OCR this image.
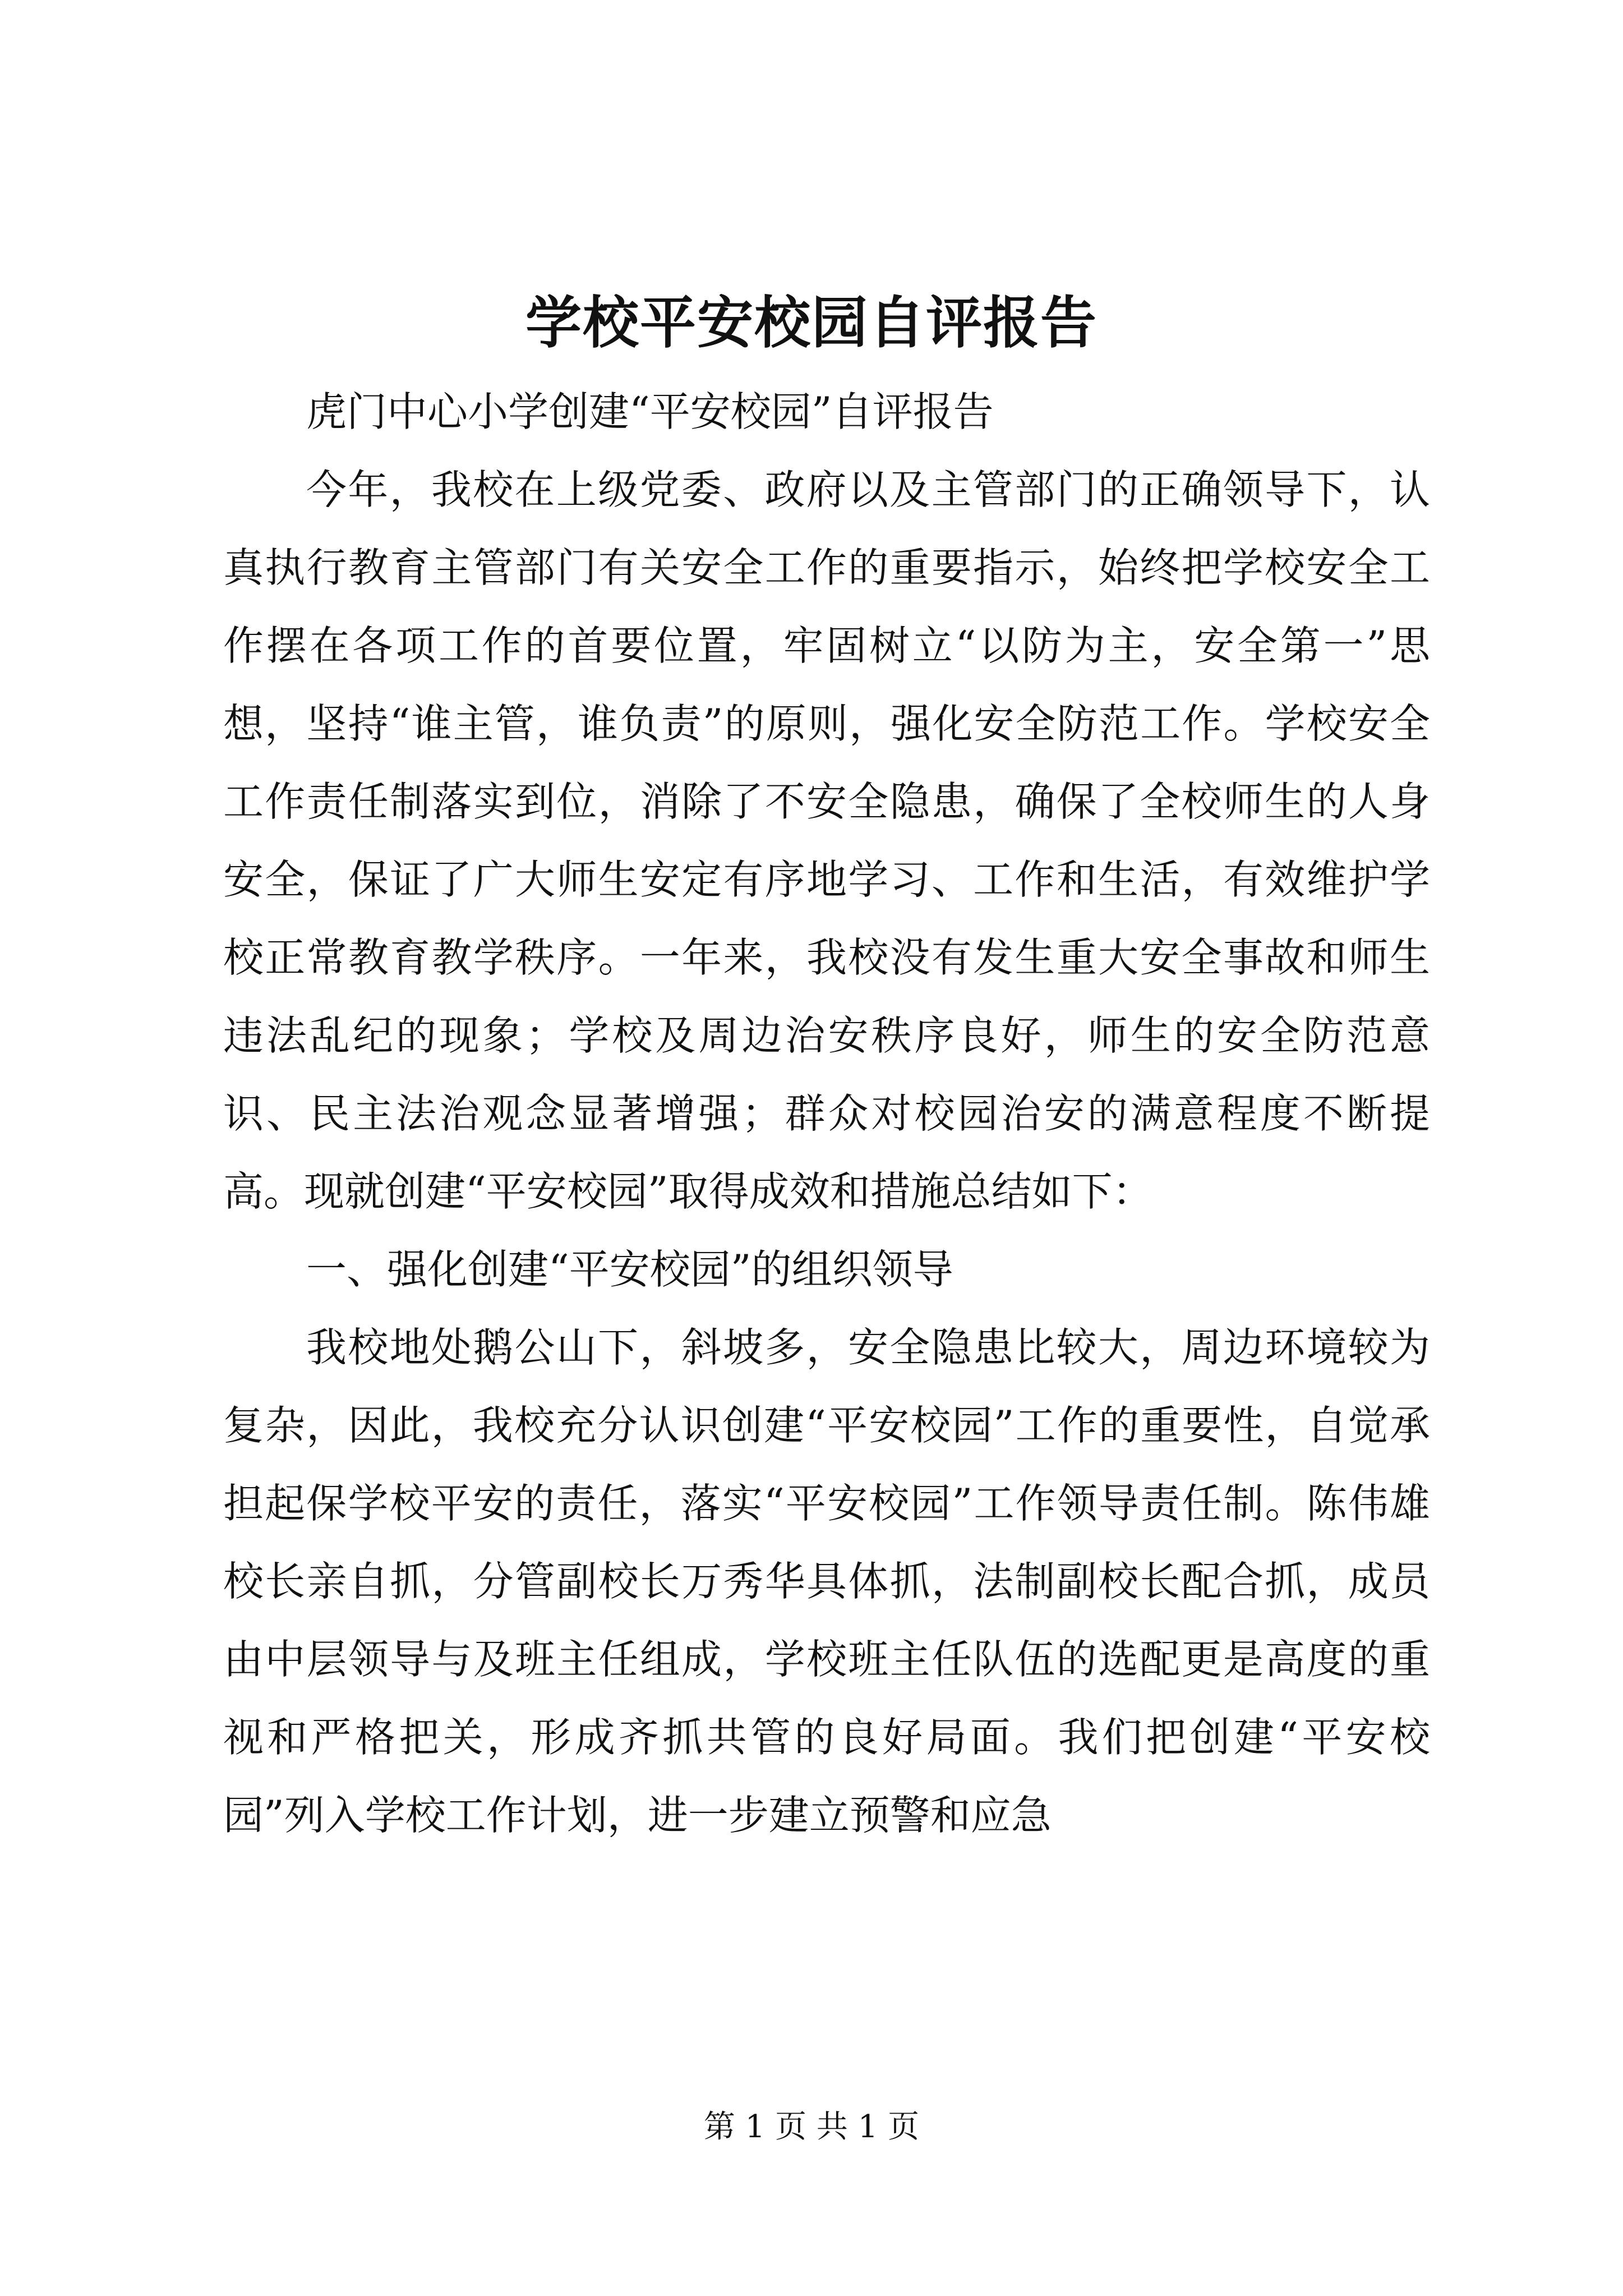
学校平安校园自评报告

虎门中心小学创建“平安校园”自评报告

今年，我校在上级党委、政府以及主管部门的正确领导下，认真执行教育主管部门有关安全工作的重要指示，始终把学校安全工作摆在各项工作的首要位置，牢固树立“以防为主，安全第一”思想，坚持“谁主管，谁负责”的原则，强化安全防范工作。学校安全工作责任制落实到位，消除了不安全隐患，确保了全校师生的人身安全，保证了广大师生安定有序地学习、工作和生活，有效维护学校正常教育教学秩序。一年来，我校没有发生重大安全事故和师生违法乱纪的现象；学校及周边治安秩序良好，师生的安全防范意识、民主法治观念显著增强；群众对校园治安的满意程度不断提高。现就创建“平安校园”取得成效和措施总结如下：

一、强化创建“平安校园”的组织领导

我校地处鹅公山下，斜坡多，安全隐患比较大，周边环境较为复杂，因此，我校充分认识创建“平安校园”工作的重要性，自觉承担起保学校平安的责任，落实“平安校园”工作领导责任制。陈伟雄校长亲自抓，分管副校长万秀华具体抓，法制副校长配合抓，成员由中层领导与及班主任组成，学校班主任队伍的选配更是高度的重视和严格把关，形成齐抓共管的良好局面。我们把创建“平安校园”列入学校工作计划，进一步建立预警和应急

第 1 页 共 1 页
